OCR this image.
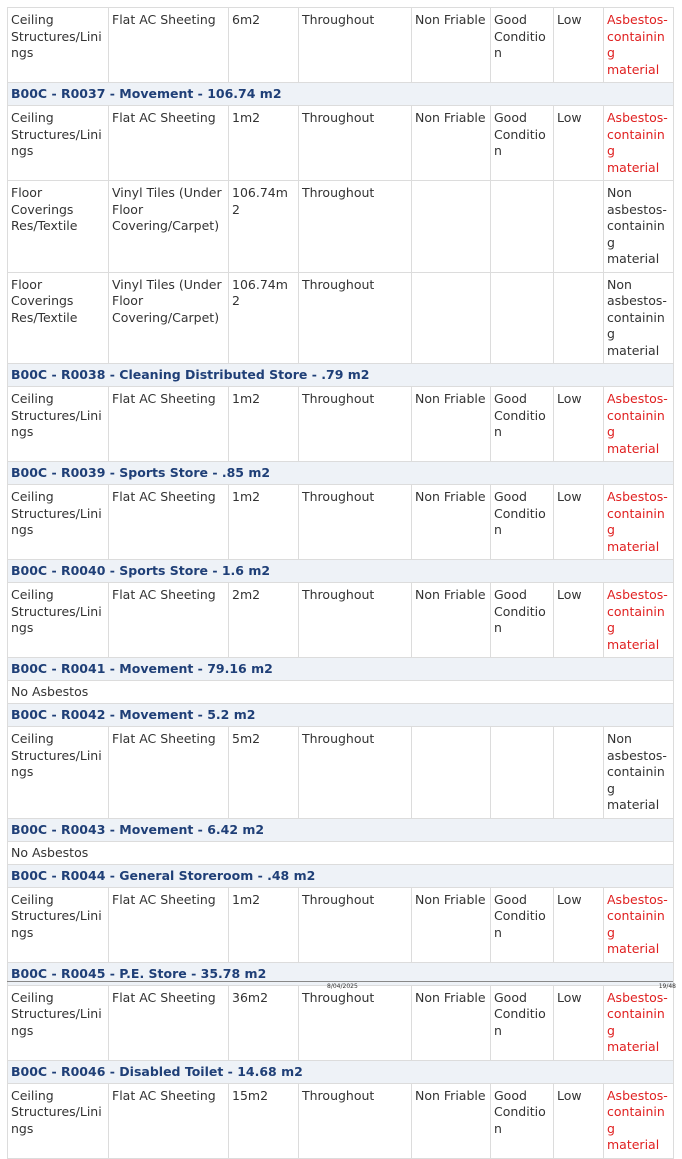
Ceiling Structures/Linings	Flat AC Sheeting	6m2	Throughout	Non Friable	Good Condition	Low	Asbestos-containing material
B00C - R0037 - Movement - 106.74 m2							
Ceiling Structures/Linings	Flat AC Sheeting	1m2	Throughout	Non Friable	Good Condition	Low	Asbestos-containing material
Floor Coverings Res/Textile	Vinyl Tiles (Under Floor Covering/Carpet)	106.74m2	Throughout				Non asbestos-containing material
Floor Coverings Res/Textile	Vinyl Tiles (Under Floor Covering/Carpet)	106.74m2	Throughout				Non asbestos-containing material
B00C - R0038 - Cleaning Distributed Store - .79 m2							
Ceiling Structures/Linings	Flat AC Sheeting	1m2	Throughout	Non Friable	Good Condition	Low	Asbestos-containing material
B00C - R0039 - Sports Store - .85 m2							
Ceiling Structures/Linings	Flat AC Sheeting	1m2	Throughout	Non Friable	Good Condition	Low	Asbestos-containing material
B00C - R0040 - Sports Store - 1.6 m2							
Ceiling Structures/Linings	Flat AC Sheeting	2m2	Throughout	Non Friable	Good Condition	Low	Asbestos-containing material
B00C - R0041 - Movement - 79.16 m2							
No Asbestos							
B00C - R0042 - Movement - 5.2 m2							
Ceiling Structures/Linings	Flat AC Sheeting	5m2	Throughout				Non asbestos-containing material
B00C - R0043 - Movement - 6.42 m2							
No Asbestos							
B00C - R0044 - General Storeroom - .48 m2							
Ceiling Structures/Linings	Flat AC Sheeting	1m2	Throughout	Non Friable	Good Condition	Low	Asbestos-containing material
B00C - R0045 - P.E. Store - 35.78 m2							
Ceiling Structures/Linings	Flat AC Sheeting	36m2	Throughout	Non Friable	Good Condition	Low	Asbestos-containing material
B00C - R0046 - Disabled Toilet - 14.68 m2							
Ceiling Structures/Linings	Flat AC Sheeting	15m2	Throughout	Non Friable	Good Condition	Low	Asbestos-containing material
8/04/2025	19/48
